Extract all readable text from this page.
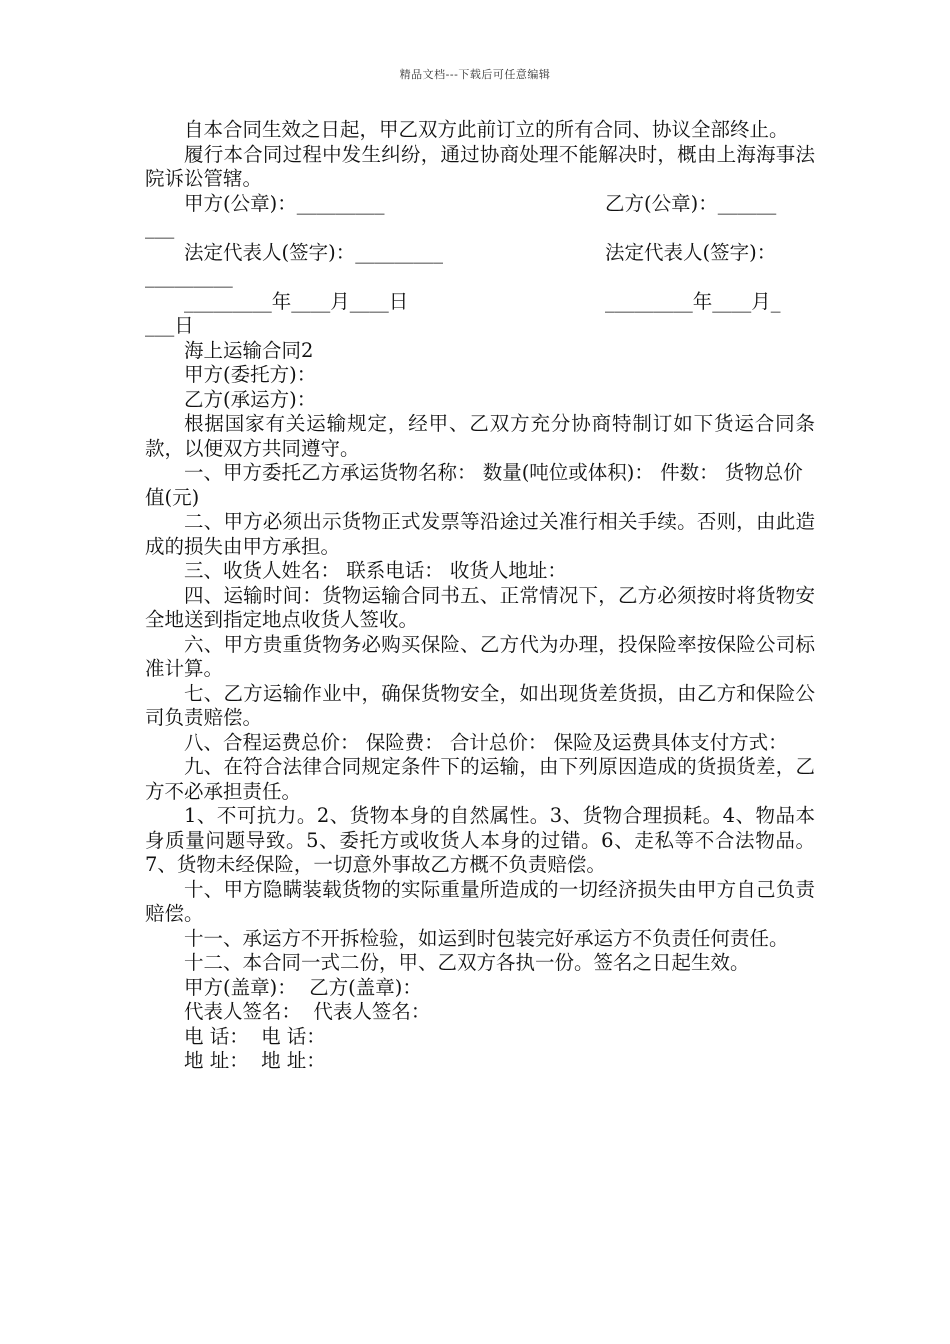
精品文档---下载后可任意编辑

自本合同生效之日起，甲乙双方此前订立的所有合同、协议全部终止。

履行本合同过程中发生纠纷，通过协商处理不能解决时，概由上海海事法院诉讼管辖。

甲方(公章)：_________	乙方(公章)：______
___
法定代表人(签字)：_________	法定代表人(签字)：
_________
_________年____月____日	_________年____月_
___日

海上运输合同2

甲方(委托方)：

乙方(承运方)：

根据国家有关运输规定，经甲、乙双方充分协商特制订如下货运合同条款，以便双方共同遵守。

一、甲方委托乙方承运货物名称： 数量(吨位或体积)： 件数： 货物总价值(元)

二、甲方必须出示货物正式发票等沿途过关准行相关手续。否则，由此造成的损失由甲方承担。

三、收货人姓名： 联系电话： 收货人地址：

四、运输时间：货物运输合同书五、正常情况下，乙方必须按时将货物安全地送到指定地点收货人签收。

六、甲方贵重货物务必购买保险、乙方代为办理，投保险率按保险公司标准计算。

七、乙方运输作业中，确保货物安全，如出现货差货损，由乙方和保险公司负责赔偿。

八、合程运费总价： 保险费： 合计总价： 保险及运费具体支付方式：

九、在符合法律合同规定条件下的运输，由下列原因造成的货损货差，乙方不必承担责任。

1、不可抗力。2、货物本身的自然属性。3、货物合理损耗。4、物品本身质量问题导致。5、委托方或收货人本身的过错。6、走私等不合法物品。7、货物未经保险，一切意外事故乙方概不负责赔偿。

十、甲方隐瞒装载货物的实际重量所造成的一切经济损失由甲方自己负责赔偿。

十一、承运方不开拆检验，如运到时包装完好承运方不负责任何责任。

十二、本合同一式二份，甲、乙双方各执一份。签名之日起生效。

甲方(盖章)：  乙方(盖章)：

代表人签名：  代表人签名：

电 话：  电 话：

地 址：  地 址：
